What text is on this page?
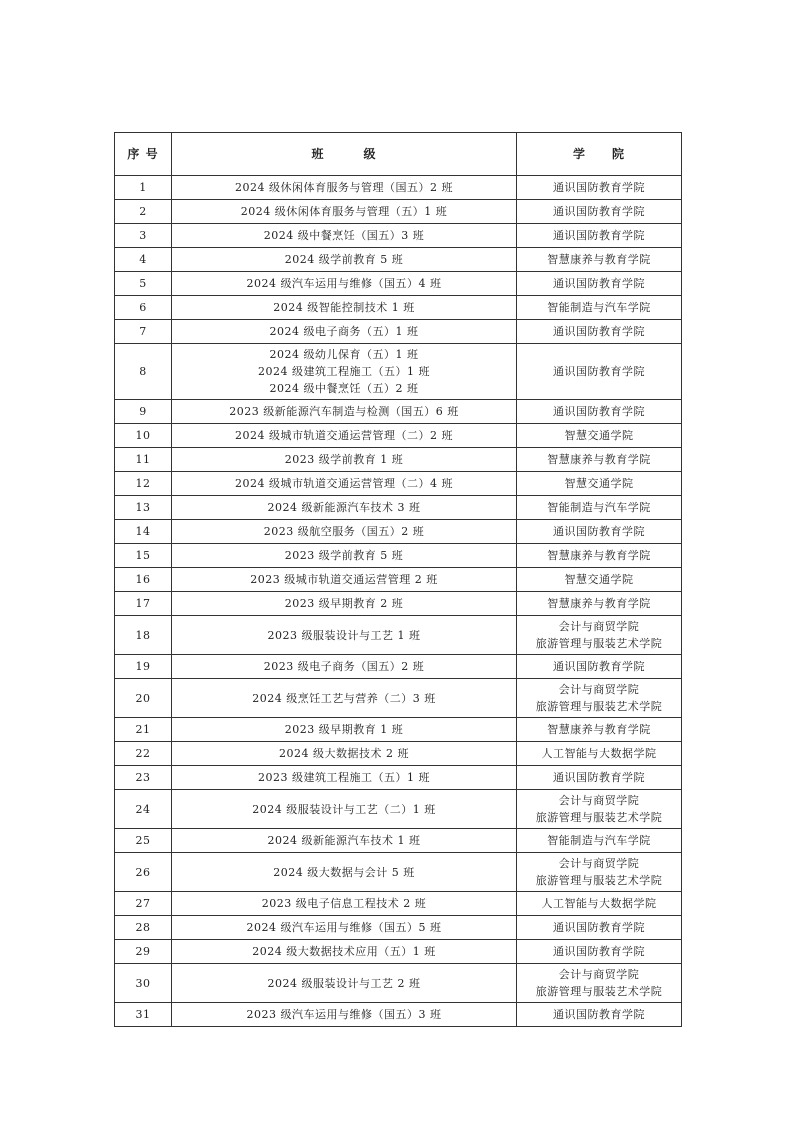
序 号	班　　　级	学　　院
1	2024 级休闲体育服务与管理（国五）2 班	通识国防教育学院

2	2024 级休闲体育服务与管理（五）1 班	通识国防教育学院

3	2024 级中餐烹饪（国五）3 班	通识国防教育学院

4	2024 级学前教育 5 班	智慧康养与教育学院

5	2024 级汽车运用与维修（国五）4 班	通识国防教育学院

6	2024 级智能控制技术 1 班	智能制造与汽车学院

7	2024 级电子商务（五）1 班	通识国防教育学院

8	2024 级幼儿保育（五）1 班
2024 级建筑工程施工（五）1 班
2024 级中餐烹饪（五）2 班	通识国防教育学院

9	2023 级新能源汽车制造与检测（国五）6 班	通识国防教育学院

10	2024 级城市轨道交通运营管理（二）2 班	智慧交通学院

11	2023 级学前教育 1 班	智慧康养与教育学院

12	2024 级城市轨道交通运营管理（二）4 班	智慧交通学院

13	2024 级新能源汽车技术 3 班	智能制造与汽车学院

14	2023 级航空服务（国五）2 班	通识国防教育学院

15	2023 级学前教育 5 班	智慧康养与教育学院

16	2023 级城市轨道交通运营管理 2 班	智慧交通学院

17	2023 级早期教育 2 班	智慧康养与教育学院

18	2023 级服装设计与工艺 1 班	会计与商贸学院
旅游管理与服装艺术学院

19	2023 级电子商务（国五）2 班	通识国防教育学院

20	2024 级烹饪工艺与营养（二）3 班	会计与商贸学院
旅游管理与服装艺术学院

21	2023 级早期教育 1 班	智慧康养与教育学院

22	2024 级大数据技术 2 班	人工智能与大数据学院

23	2023 级建筑工程施工（五）1 班	通识国防教育学院

24	2024 级服装设计与工艺（二）1 班	会计与商贸学院
旅游管理与服装艺术学院

25	2024 级新能源汽车技术 1 班	智能制造与汽车学院

26	2024 级大数据与会计 5 班	会计与商贸学院
旅游管理与服装艺术学院

27	2023 级电子信息工程技术 2 班	人工智能与大数据学院

28	2024 级汽车运用与维修（国五）5 班	通识国防教育学院

29	2024 级大数据技术应用（五）1 班	通识国防教育学院

30	2024 级服装设计与工艺 2 班	会计与商贸学院
旅游管理与服装艺术学院

31	2023 级汽车运用与维修（国五）3 班	通识国防教育学院
